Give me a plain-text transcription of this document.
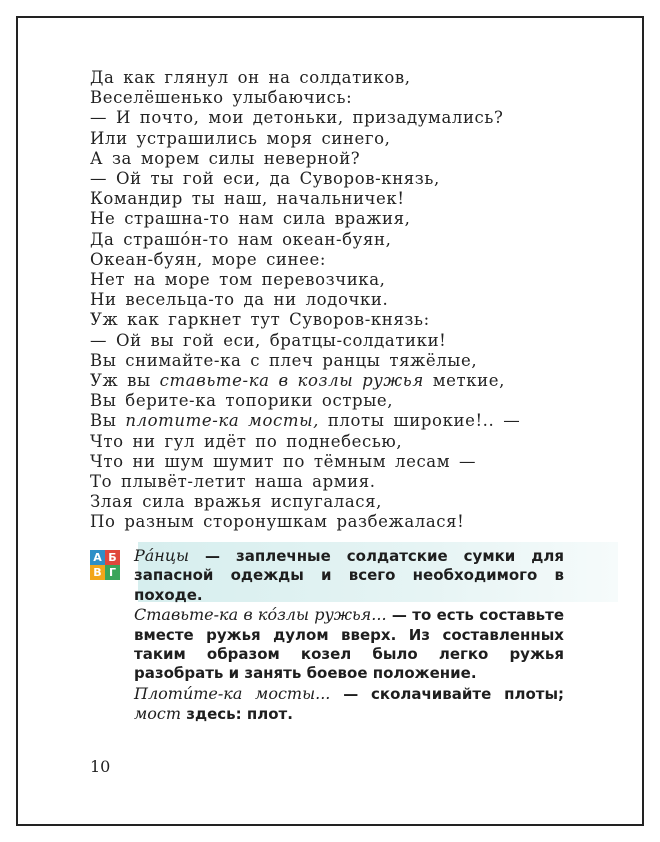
Да как глянул он на солдатиков,
Веселёшенько улыбаючись:
— И почто, мои детоньки, призадумались?
Или устрашились моря синего,
А за морем силы неверной?
— Ой ты гой еси, да Суворов-князь,
Командир ты наш, начальничек!
Не страшна-то нам сила вражия,
Да страшóн-то нам океан-буян,
Океан-буян, море синее:
Нет на море том перевозчика,
Ни весельца-то да ни лодочки.
Уж как гаркнет тут Суворов-князь:
— Ой вы гой еси, братцы-солдатики!
Вы снимайте-ка с плеч ранцы тяжёлые,
Уж вы ставьте-ка в козлы ружья меткие,
Вы берите-ка топорики острые,
Вы плотите-ка мосты, плоты широкие!.. —
Что ни гул идёт по поднебесью,
Что ни шум шумит по тёмным лесам —
То плывёт-летит наша армия.
Злая сила вражья испугалася,
По разным сторонушкам разбежалася!
А Б
В Г

Рáнцы — заплечные солдатские сумки для запасной одежды и всего необходимого в походе.

Ставьте-ка в кóзлы ружья... — то есть составьте вместе ружья дулом вверх. Из составленных таким образом козел было легко ружья разобрать и занять боевое положение.

Плотúте-ка мосты... — сколачивайте плоты; мост здесь: плот.

10
